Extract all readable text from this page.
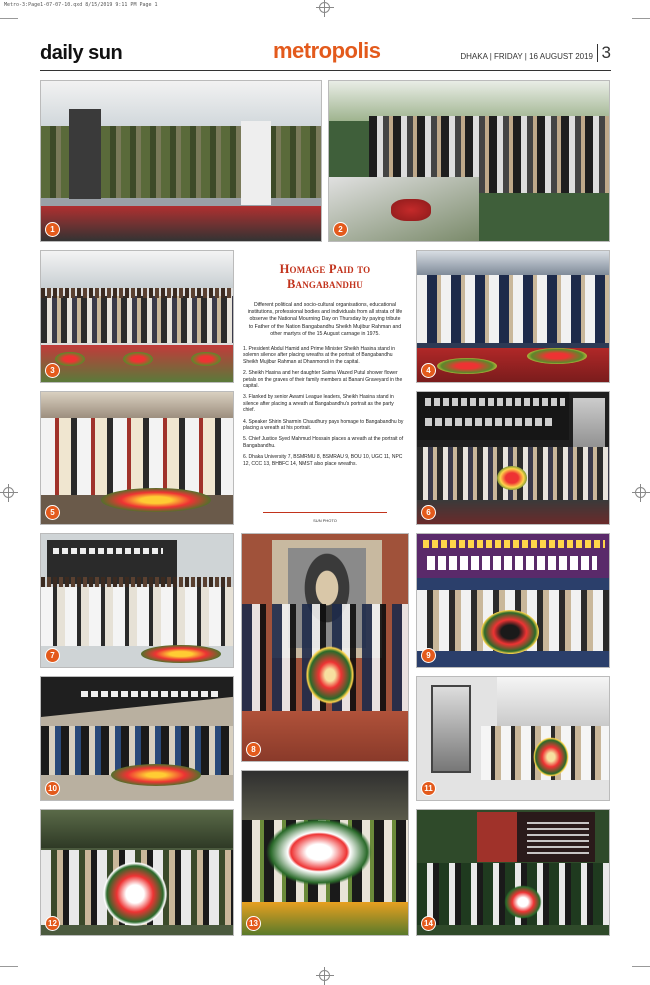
Metro-3:Page1-07-07-10.qxd 8/15/2019 9:11 PM Page 1
daily sun	metropolis	DHAKA | FRIDAY | 16 AUGUST 2019 3
1	2
3
Homage Paid to Bangabandhu
Different political and socio-cultural organisations, educational institutions, professional bodies and individuals from all strata of life observe the National Mourning Day on Thursday by paying tribute to Father of the Nation Bangabandhu Sheikh Mujibur Rahman and other martyrs of the 15 August carnage in 1975.
1. President Abdul Hamid and Prime Minister Sheikh Hasina stand in solemn silence after placing wreaths at the portrait of Bangabandhu Sheikh Mujibur Rahman at Dhanmondi in the capital.
2. Sheikh Hasina and her daughter Saima Wazed Putul shower flower petals on the graves of their family members at Banani Graveyard in the capital.
3. Flanked by senior Awami League leaders, Sheikh Hasina stand in silence after placing a wreath at Bangabandhu's portrait as the party chief.
4. Speaker Shirin Sharmin Chaudhury pays homage to Bangabandhu by placing a wreath at his portrait.
5. Chief Justice Syed Mahmud Hossain places a wreath at the portrait of Bangabandhu.
6. Dhaka University 7, BSMRMU 8, BSMRAU 9, BOU 10, UGC 11, NPC 12, CCC 13, BHBFC 14, NMST also place wreaths.
SUN PHOTO
4
5	6
7
8
9
10	11
12	13	14
